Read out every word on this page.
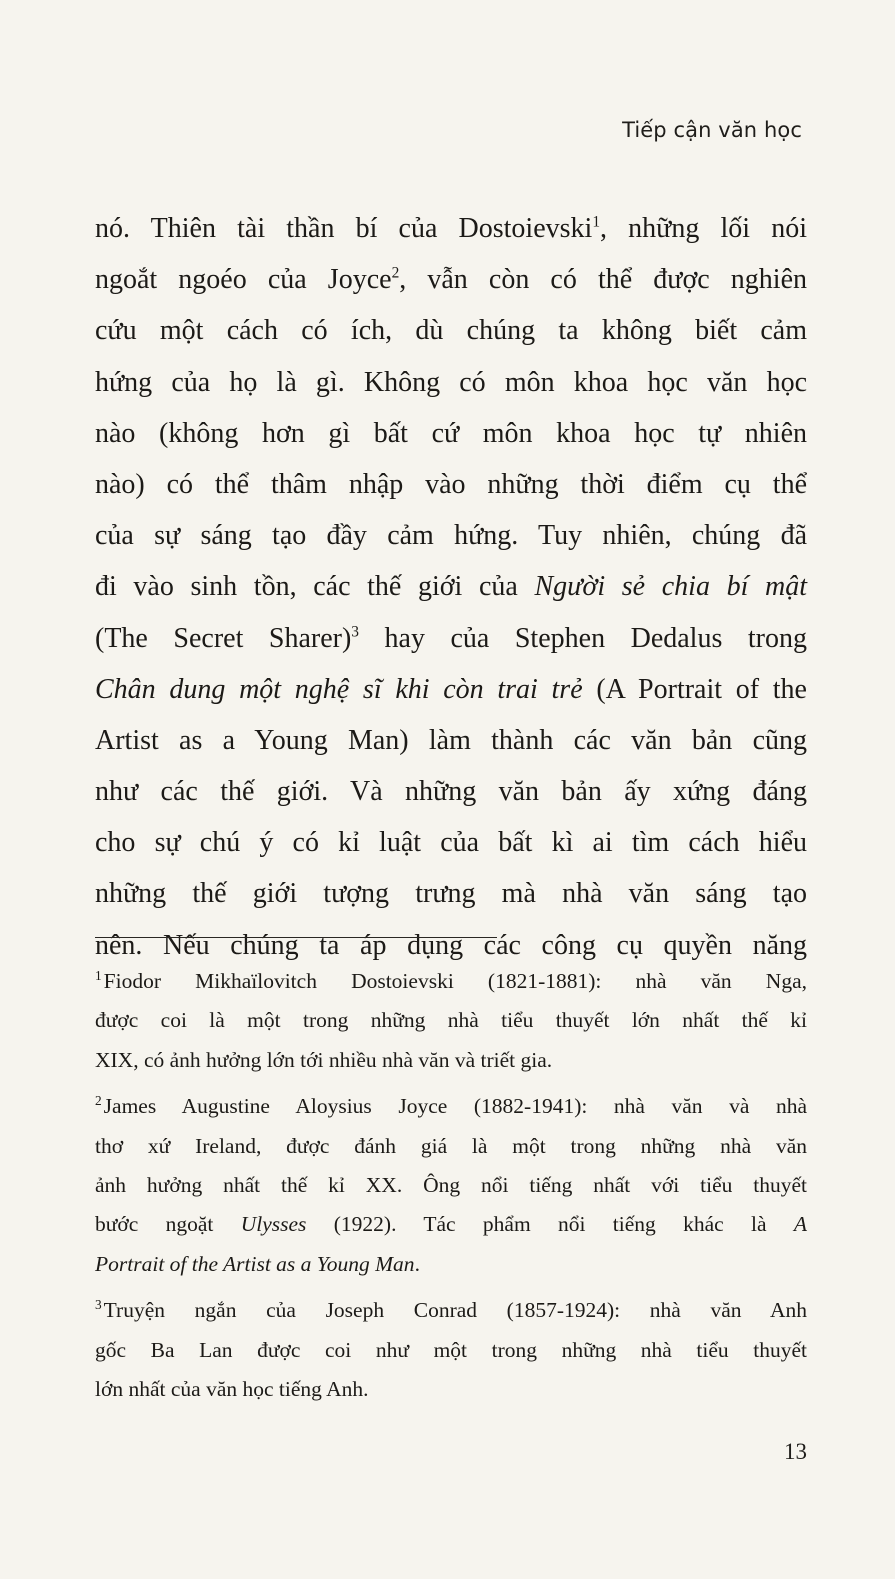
Tiếp cận văn học
nó. Thiên tài thần bí của Dostoievski$^1$, những lối nói
ngoắt ngoéo của Joyce$^2$, vẫn còn có thể được nghiên
cứu một cách có ích, dù chúng ta không biết cảm
hứng của họ là gì. Không có môn khoa học văn học
nào (không hơn gì bất cứ môn khoa học tự nhiên
nào) có thể thâm nhập vào những thời điểm cụ thể
của sự sáng tạo đầy cảm hứng. Tuy nhiên, chúng đã
đi vào sinh tồn, các thế giới của Người sẻ chia bí mật
(The Secret Sharer)$^3$ hay của Stephen Dedalus trong
Chân dung một nghệ sĩ khi còn trai trẻ (A Portrait of the
Artist as a Young Man) làm thành các văn bản cũng
như các thế giới. Và những văn bản ấy xứng đáng
cho sự chú ý có kỉ luật của bất kì ai tìm cách hiểu
những thế giới tượng trưng mà nhà văn sáng tạo
nên. Nếu chúng ta áp dụng các công cụ quyền năng
$^1$Fiodor Mikhaïlovitch Dostoievski (1821-1881): nhà văn Nga,
được coi là một trong những nhà tiểu thuyết lớn nhất thế kỉ
XIX, có ảnh hưởng lớn tới nhiều nhà văn và triết gia.
$^2$James Augustine Aloysius Joyce (1882-1941): nhà văn và nhà
thơ xứ Ireland, được đánh giá là một trong những nhà văn
ảnh hưởng nhất thế kỉ XX. Ông nổi tiếng nhất với tiểu thuyết
bước ngoặt Ulysses (1922). Tác phẩm nổi tiếng khác là A
Portrait of the Artist as a Young Man.
$^3$Truyện ngắn của Joseph Conrad (1857-1924): nhà văn Anh
gốc Ba Lan được coi như một trong những nhà tiểu thuyết
lớn nhất của văn học tiếng Anh.
13
